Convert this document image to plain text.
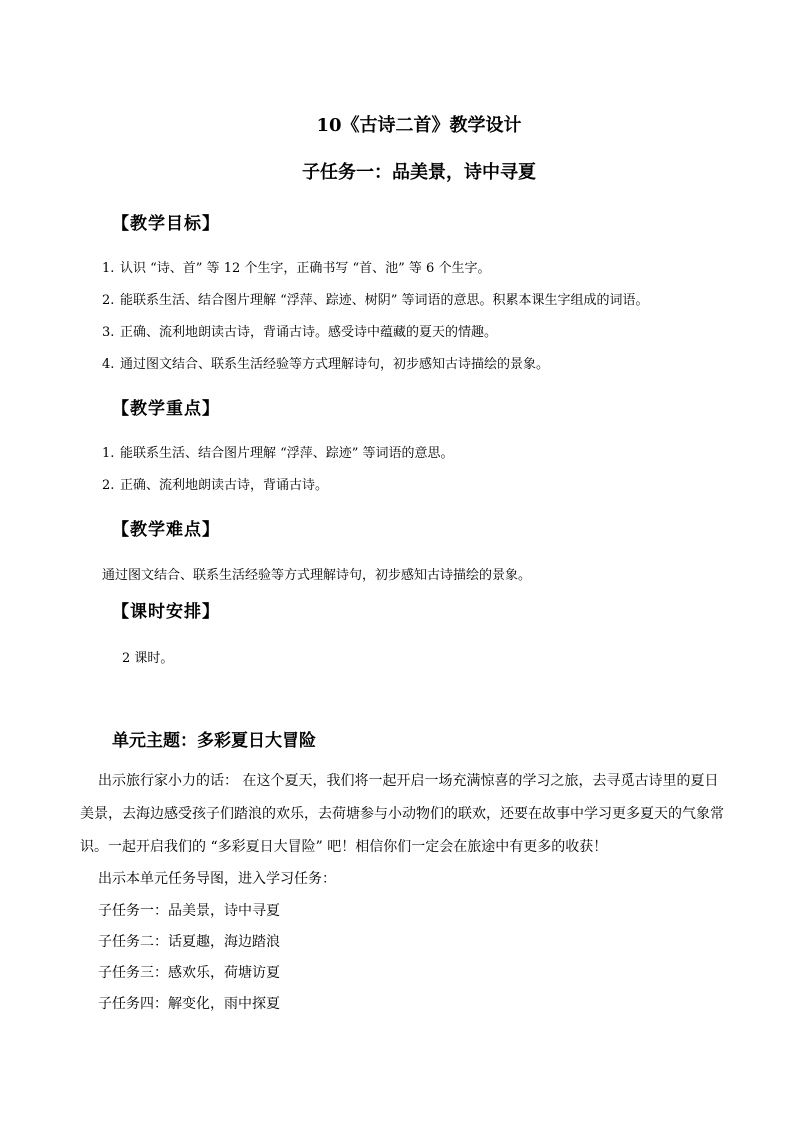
10《古诗二首》教学设计
子任务一：品美景，诗中寻夏
【教学目标】
1. 认识 “诗、首” 等 12 个生字，正确书写 “首、池” 等 6 个生字。
2. 能联系生活、结合图片理解 “浮萍、踪迹、树阴” 等词语的意思。积累本课生字组成的词语。
3. 正确、流利地朗读古诗，背诵古诗。感受诗中蕴藏的夏天的情趣。
4. 通过图文结合、联系生活经验等方式理解诗句，初步感知古诗描绘的景象。
【教学重点】
1. 能联系生活、结合图片理解 “浮萍、踪迹” 等词语的意思。
2. 正确、流利地朗读古诗，背诵古诗。
【教学难点】
通过图文结合、联系生活经验等方式理解诗句，初步感知古诗描绘的景象。
【课时安排】
2 课时。
单元主题：多彩夏日大冒险
出示旅行家小力的话： 在这个夏天，我们将一起开启一场充满惊喜的学习之旅，去寻觅古诗里的夏日
美景，去海边感受孩子们踏浪的欢乐，去荷塘参与小动物们的联欢，还要在故事中学习更多夏天的气象常
识。一起开启我们的 “多彩夏日大冒险” 吧！相信你们一定会在旅途中有更多的收获！
出示本单元任务导图，进入学习任务：
子任务一：品美景，诗中寻夏
子任务二：话夏趣，海边踏浪
子任务三：感欢乐，荷塘访夏
子任务四：解变化，雨中探夏
